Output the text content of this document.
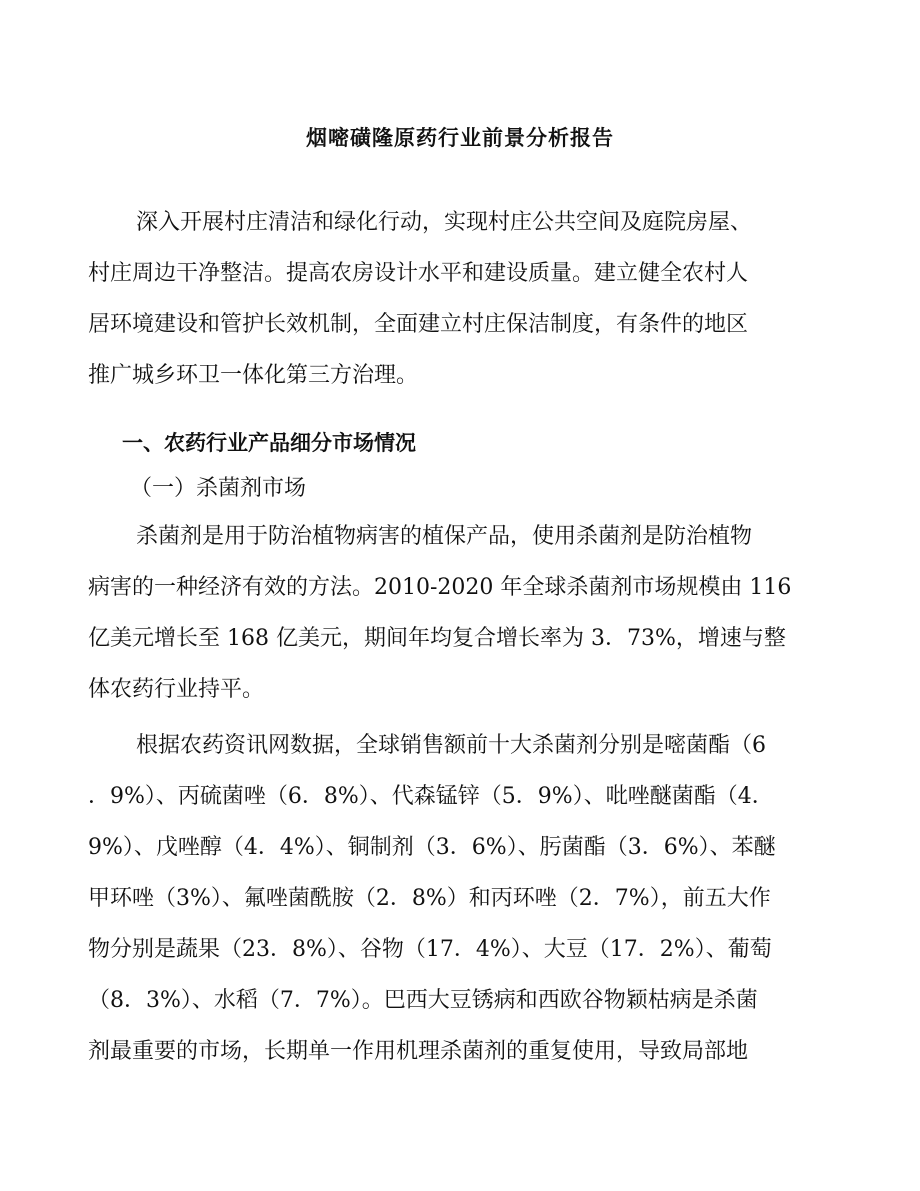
烟嘧磺隆原药行业前景分析报告
深入开展村庄清洁和绿化行动，实现村庄公共空间及庭院房屋、
村庄周边干净整洁。提高农房设计水平和建设质量。建立健全农村人
居环境建设和管护长效机制，全面建立村庄保洁制度，有条件的地区
推广城乡环卫一体化第三方治理。
一、农药行业产品细分市场情况
（一）杀菌剂市场
杀菌剂是用于防治植物病害的植保产品，使用杀菌剂是防治植物
病害的一种经济有效的方法。2010-2020 年全球杀菌剂市场规模由 116
亿美元增长至 168 亿美元，期间年均复合增长率为 3．73%，增速与整
体农药行业持平。
根据农药资讯网数据，全球销售额前十大杀菌剂分别是嘧菌酯（6
．9%）、丙硫菌唑（6．8%）、代森锰锌（5．9%）、吡唑醚菌酯（4．
9%）、戊唑醇（4．4%）、铜制剂（3．6%）、肟菌酯（3．6%）、苯醚
甲环唑（3%）、氟唑菌酰胺（2．8%）和丙环唑（2．7%），前五大作
物分别是蔬果（23．8%）、谷物（17．4%）、大豆（17．2%）、葡萄
（8．3%）、水稻（7．7%）。巴西大豆锈病和西欧谷物颖枯病是杀菌
剂最重要的市场，长期单一作用机理杀菌剂的重复使用，导致局部地
